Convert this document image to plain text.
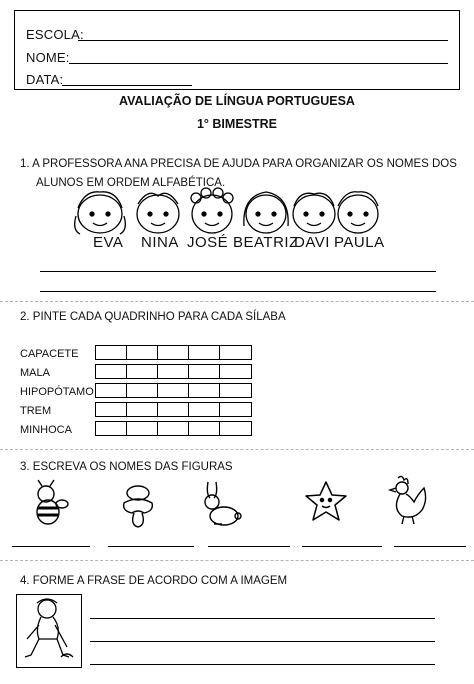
ESCOLA:
NOME:
DATA:
AVALIAÇÃO DE LÍNGUA PORTUGUESA
1° BIMESTRE
1. A PROFESSORA ANA PRECISA DE AJUDA PARA ORGANIZAR OS NOMES DOS
ALUNOS EM ORDEM ALFABÉTICA.
EVA NINA JOSÉ BEATRIZ
DAVI PAULA
2. PINTE CADA QUADRINHO PARA CADA SÍLABA
CAPACETE
MALA
HIPOPÓTAMO
TREM
MINHOCA
3. ESCREVA OS NOMES DAS FIGURAS
4. FORME A FRASE DE ACORDO COM A IMAGEM
